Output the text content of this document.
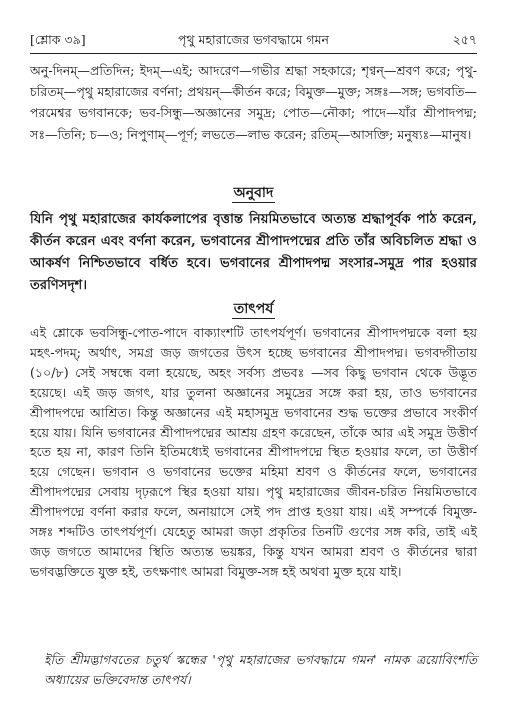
[শ্লোক ৩৯]	পৃথু মহারাজের ভগবদ্ধামে গমন	২৫৭

অনু-দিনম্—প্রতিদিন; ইদম্—এই; আদরেণ—গভীর শ্রদ্ধা সহকারে; শৃণ্বন্—শ্রবণ করে; পৃথু-চরিতম্—পৃথু মহারাজের বর্ণনা; প্রথয়ন্—কীর্তন করে; বিমুক্ত—মুক্ত; সঙ্গঃ—সঙ্গ; ভগবতি—পরমেশ্বর ভগবানকে; ভব-সিন্ধু—অজ্ঞানের সমুদ্র; পোত—নৌকা; পাদে—যাঁর শ্রীপাদপদ্ম; সঃ—তিনি; চ—ও; নিপুণাম্—পূর্ণ; লভতে—লাভ করেন; রতিম্—আসক্তি; মনুষ্যঃ—মানুষ।

অনুবাদ

যিনি পৃথু মহারাজের কার্যকলাপের বৃত্তান্ত নিয়মিতভাবে অত্যন্ত শ্রদ্ধাপূর্বক পাঠ করেন, কীর্তন করেন এবং বর্ণনা করেন, ভগবানের শ্রীপাদপদ্মের প্রতি তাঁর অবিচলিত শ্রদ্ধা ও আকর্ষণ নিশ্চিতভাবে বর্ধিত হবে। ভগবানের শ্রীপাদপদ্ম সংসার-সমুদ্র পার হওয়ার তরণিসদৃশ।

তাৎপর্য

এই শ্লোকে ভবসিন্ধু-পোত-পাদে বাক্যাংশটি তাৎপর্যপূর্ণ। ভগবানের শ্রীপাদপদ্মকে বলা হয় মহৎ-পদম্; অর্থাৎ, সমগ্র জড় জগতের উৎস হচ্ছে ভগবানের শ্রীপাদপদ্ম। ভগবদ্গীতায় (১০/৮) সেই সম্বন্ধে বলা হয়েছে, অহং সর্বস্য প্রভবঃ —সব কিছু ভগবান থেকে উদ্ভূত হয়েছে। এই জড় জগৎ, যার তুলনা অজ্ঞানের সমুদ্রের সঙ্গে করা হয়, তাও ভগবানের শ্রীপাদপদ্মে আশ্রিত। কিন্তু অজ্ঞানের এই মহাসমুদ্র ভগবানের শুদ্ধ ভক্তের প্রভাবে সংকীর্ণ হয়ে যায়। যিনি ভগবানের শ্রীপাদপদ্মের আশ্রয় গ্রহণ করেছেন, তাঁকে আর এই সমুদ্র উত্তীর্ণ হতে হয় না, কারণ তিনি ইতিমধ্যেই ভগবানের শ্রীপাদপদ্মে স্থিত হওয়ার ফলে, তা উত্তীর্ণ হয়ে গেছেন। ভগবান ও ভগবানের ভক্তের মহিমা শ্রবণ ও কীর্তনের ফলে, ভগবানের শ্রীপাদপদ্মের সেবায় দৃঢ়রূপে স্থির হওয়া যায়। পৃথু মহারাজের জীবন-চরিত নিয়মিতভাবে শ্রীপাদপদ্মে বর্ণনা করার ফলে, অনায়াসে সেই পদ প্রাপ্ত হওয়া যায়। এই সম্পর্কে বিমুক্ত-সঙ্গঃ শব্দটিও তাৎপর্যপূর্ণ। যেহেতু আমরা জড়া প্রকৃতির তিনটি গুণের সঙ্গ করি, তাই এই জড় জগতে আমাদের স্থিতি অত্যন্ত ভয়ঙ্কর, কিন্তু যখন আমরা শ্রবণ ও কীর্তনের দ্বারা ভগবদ্ভক্তিতে যুক্ত হই, তৎক্ষণাৎ আমরা বিমুক্ত-সঙ্গ হই অথবা মুক্ত হয়ে যাই।

ইতি শ্রীমদ্ভাগবতের চতুর্থ স্কন্ধের 'পৃথু মহারাজের ভগবদ্ধামে গমন' নামক ত্রয়োবিংশতি অধ্যায়ের ভক্তিবেদান্ত তাৎপর্য।
